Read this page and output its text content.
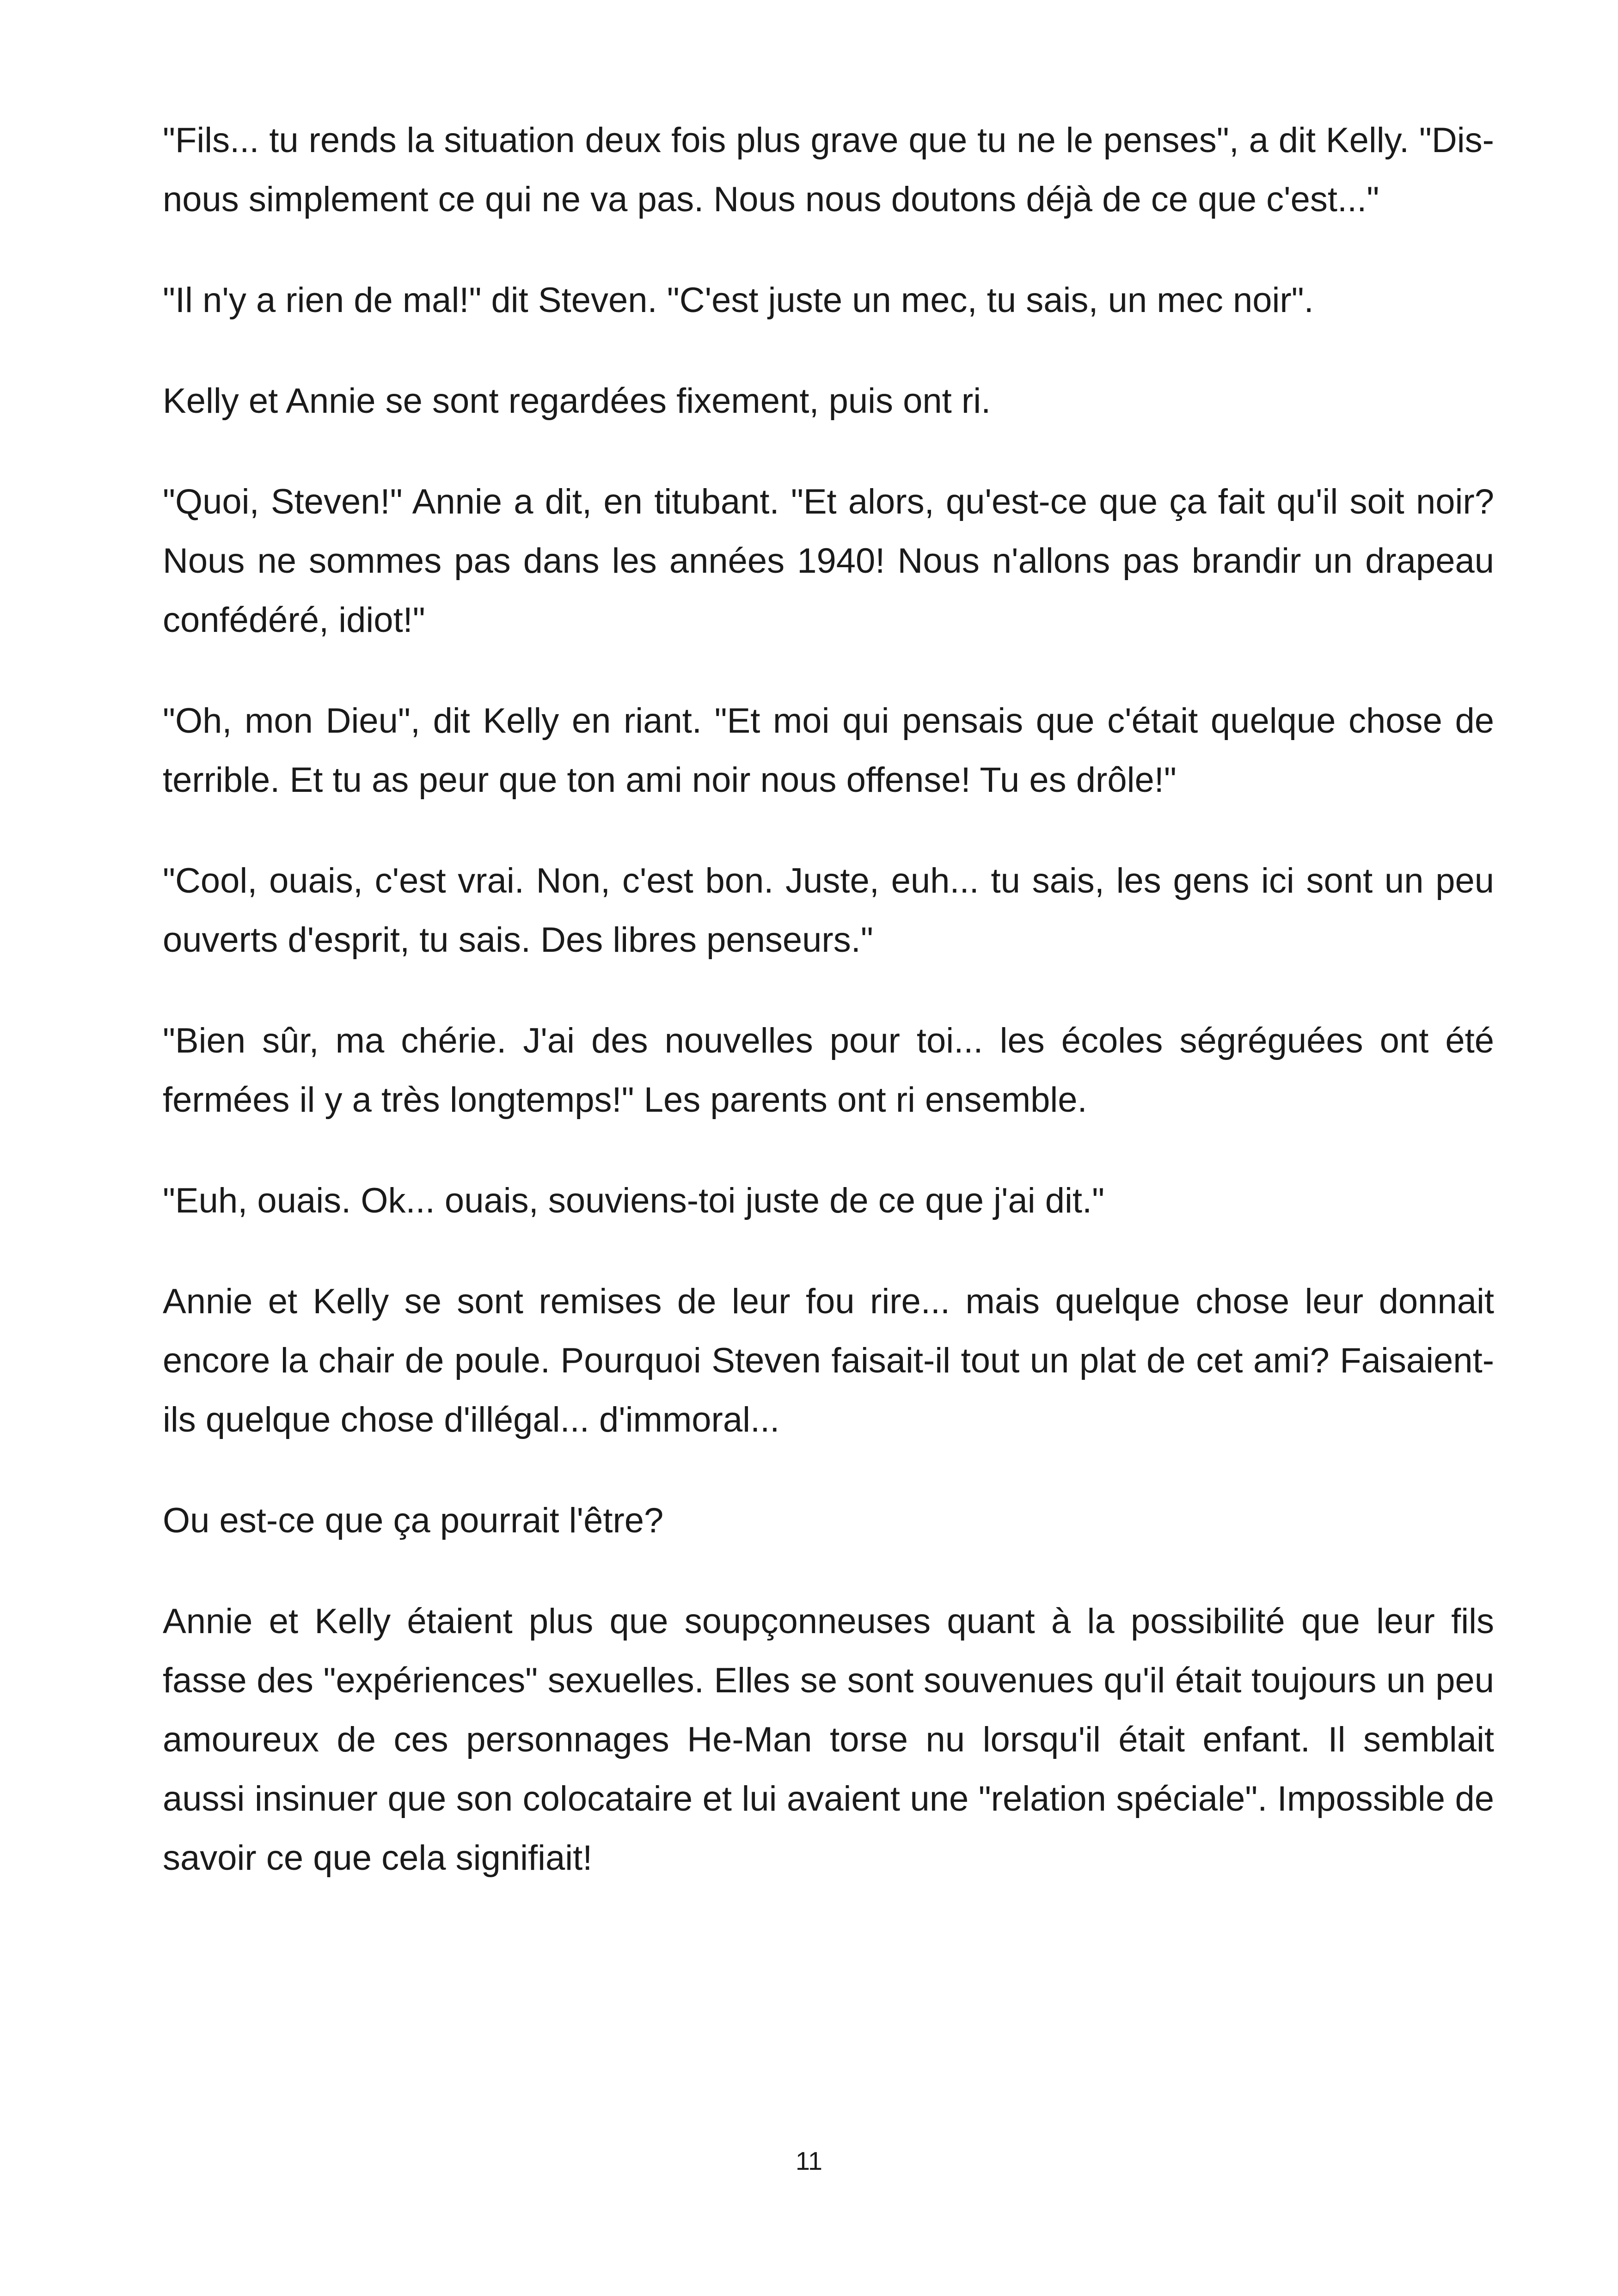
"Fils... tu rends la situation deux fois plus grave que tu ne le penses", a dit Kelly. "Dis-nous simplement ce qui ne va pas. Nous nous doutons déjà de ce que c'est..."

"Il n'y a rien de mal!" dit Steven. "C'est juste un mec, tu sais, un mec noir".

Kelly et Annie se sont regardées fixement, puis ont ri.

"Quoi, Steven!" Annie a dit, en titubant. "Et alors, qu'est-ce que ça fait qu'il soit noir? Nous ne sommes pas dans les années 1940! Nous n'allons pas brandir un drapeau confédéré, idiot!"

"Oh, mon Dieu", dit Kelly en riant. "Et moi qui pensais que c'était quelque chose de terrible. Et tu as peur que ton ami noir nous offense! Tu es drôle!"

"Cool, ouais, c'est vrai. Non, c'est bon. Juste, euh... tu sais, les gens ici sont un peu ouverts d'esprit, tu sais. Des libres penseurs."

"Bien sûr, ma chérie. J'ai des nouvelles pour toi... les écoles ségréguées ont été fermées il y a très longtemps!" Les parents ont ri ensemble.

"Euh, ouais. Ok... ouais, souviens-toi juste de ce que j'ai dit."

Annie et Kelly se sont remises de leur fou rire... mais quelque chose leur donnait encore la chair de poule. Pourquoi Steven faisait-il tout un plat de cet ami? Faisaient-ils quelque chose d'illégal... d'immoral...

Ou est-ce que ça pourrait l'être?

Annie et Kelly étaient plus que soupçonneuses quant à la possibilité que leur fils fasse des "expériences" sexuelles. Elles se sont souvenues qu'il était toujours un peu amoureux de ces personnages He-Man torse nu lorsqu'il était enfant. Il semblait aussi insinuer que son colocataire et lui avaient une "relation spéciale". Impossible de savoir ce que cela signifiait!

11
